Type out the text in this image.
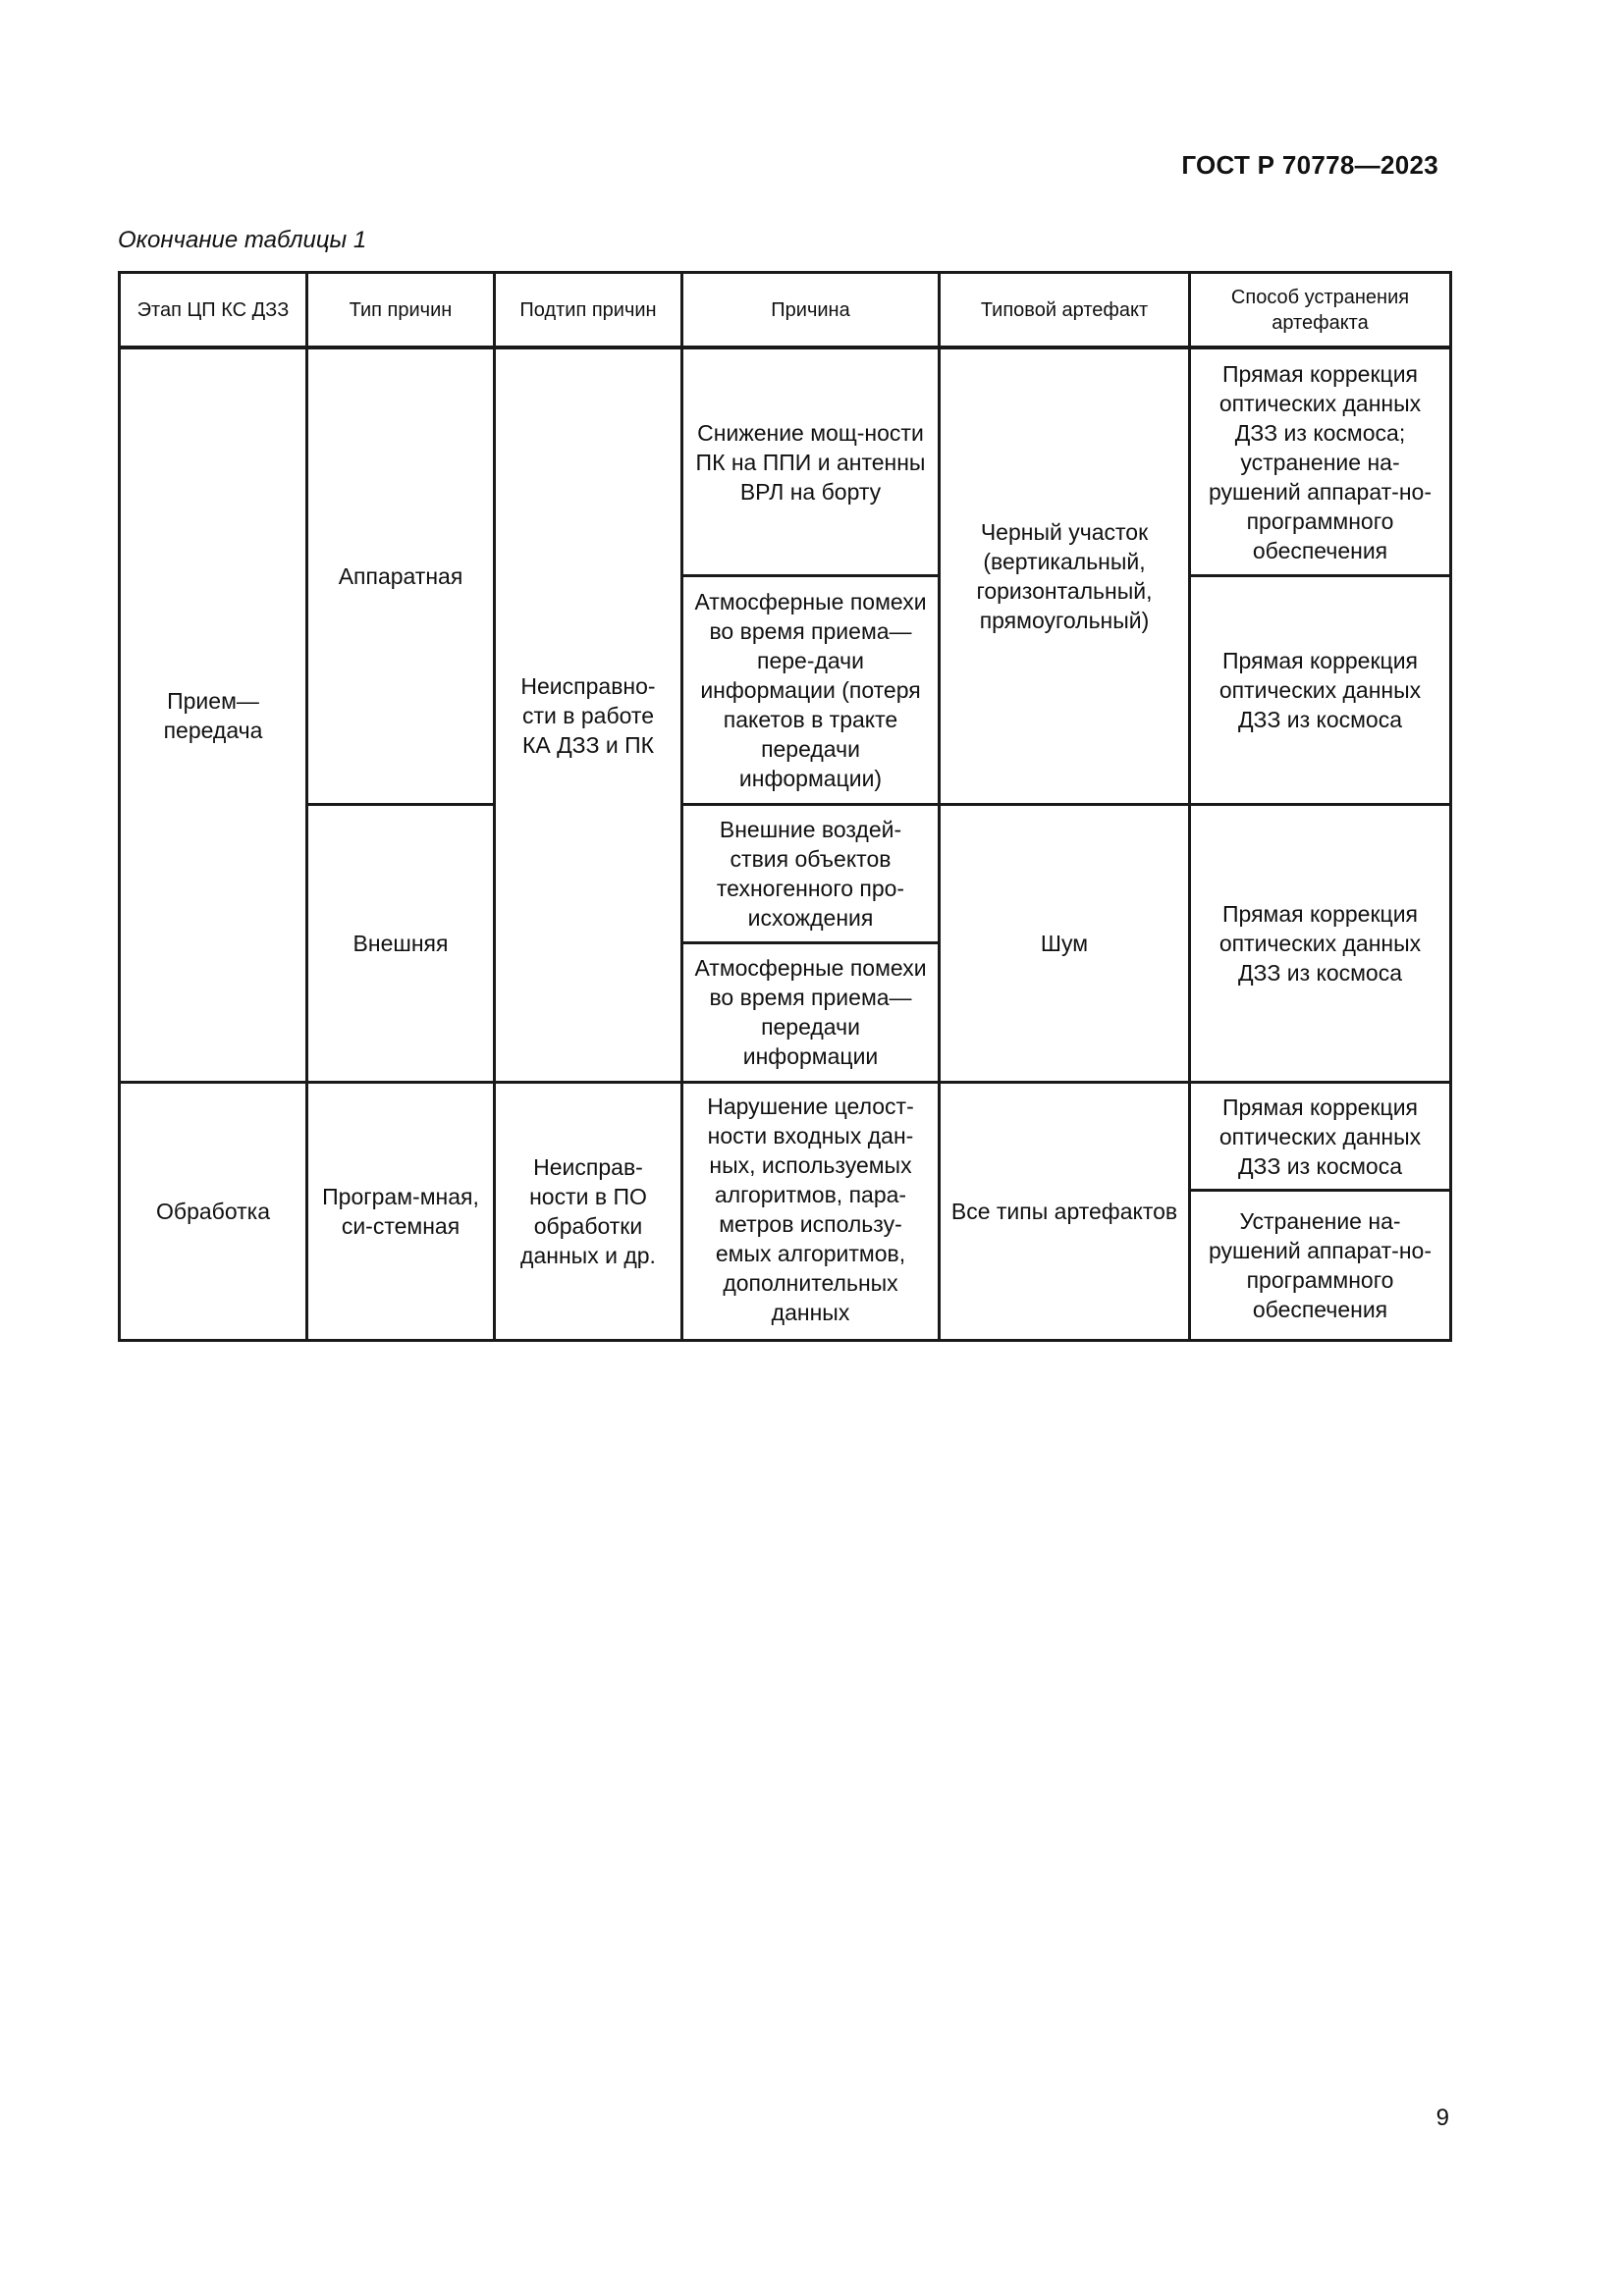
ГОСТ Р 70778—2023
Окончание таблицы 1
Этап ЦП КС ДЗЗ	Тип причин	Подтип причин	Причина	Типовой артефакт	Способ устранения артефакта
Прием— передача	Аппаратная	Неисправно-сти в работе КА ДЗЗ и ПК	Снижение мощ-ности ПК на ППИ и антенны ВРЛ на борту	Черный участок (вертикальный, горизонтальный, прямоугольный)	Прямая коррекция оптических данных ДЗЗ из космоса; устранение на-рушений аппарат-но-программного обеспечения
			Атмосферные помехи во время приема—пере-дачи информации (потеря пакетов в тракте передачи информации)		Прямая коррекция оптических данных ДЗЗ из космоса
	Внешняя		Внешние воздей-ствия объектов техногенного про-исхождения	Шум	Прямая коррекция оптических данных ДЗЗ из космоса
			Атмосферные помехи во время приема—передачи информации		
Обработка	Програм-мная, си-стемная	Неисправ-ности в ПО обработки данных и др.	Нарушение целост-ности входных дан-ных, используемых алгоритмов, пара-метров использу-емых алгоритмов, дополнительных данных	Все типы артефактов	Прямая коррекция оптических данных ДЗЗ из космоса
					Устранение на-рушений аппарат-но-программного обеспечения
9
